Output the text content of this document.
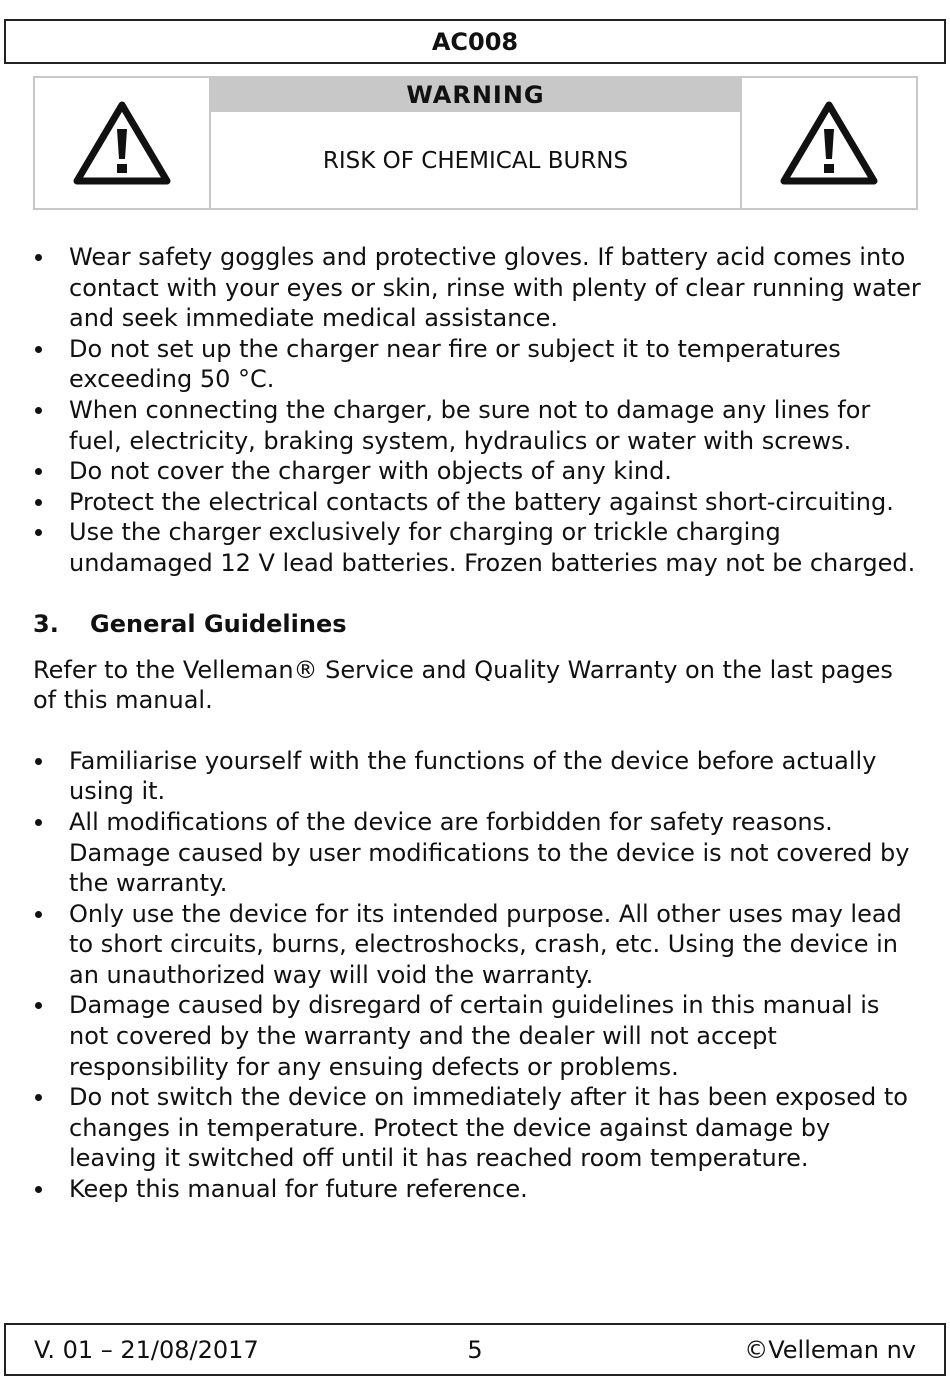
AC008
WARNING
RISK OF CHEMICAL BURNS
Wear safety goggles and protective gloves. If battery acid comes into contact with your eyes or skin, rinse with plenty of clear running water and seek immediate medical assistance.
Do not set up the charger near fire or subject it to temperatures exceeding 50 °C.
When connecting the charger, be sure not to damage any lines for fuel, electricity, braking system, hydraulics or water with screws.
Do not cover the charger with objects of any kind.
Protect the electrical contacts of the battery against short-circuiting.
Use the charger exclusively for charging or trickle charging undamaged 12 V lead batteries. Frozen batteries may not be charged.
3. General Guidelines

Refer to the Velleman® Service and Quality Warranty on the last pages of this manual.

Familiarise yourself with the functions of the device before actually using it.
All modifications of the device are forbidden for safety reasons. Damage caused by user modifications to the device is not covered by the warranty.
Only use the device for its intended purpose. All other uses may lead to short circuits, burns, electroshocks, crash, etc. Using the device in an unauthorized way will void the warranty.
Damage caused by disregard of certain guidelines in this manual is not covered by the warranty and the dealer will not accept responsibility for any ensuing defects or problems.
Do not switch the device on immediately after it has been exposed to changes in temperature. Protect the device against damage by leaving it switched off until it has reached room temperature.
Keep this manual for future reference.
V. 01 – 21/08/2017	5	©Velleman nv
